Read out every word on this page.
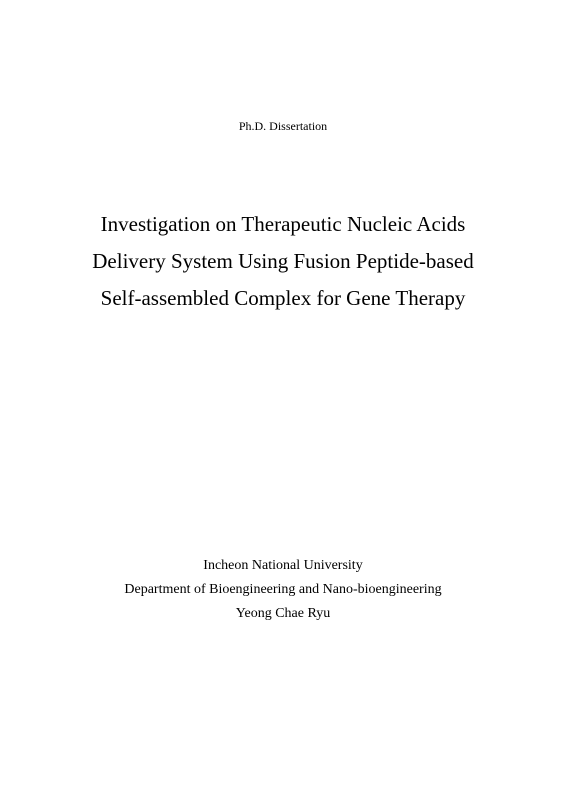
Ph.D. Dissertation
Investigation on Therapeutic Nucleic Acids
Delivery System Using Fusion Peptide-based
Self-assembled Complex for Gene Therapy
Incheon National University
Department of Bioengineering and Nano-bioengineering
Yeong Chae Ryu
